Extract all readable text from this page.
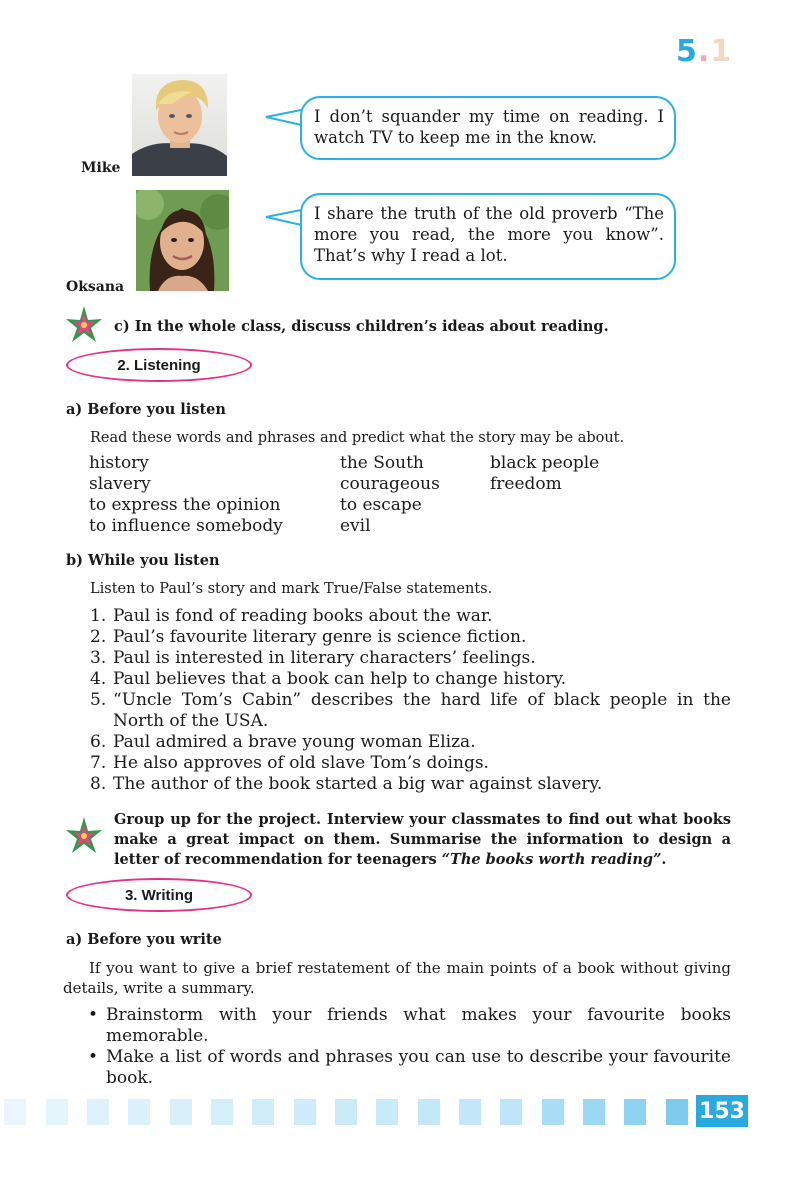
5.1
Mike
I don’t squander my time on reading. I watch TV to keep me in the know.
Oksana
I share the truth of the old proverb “The more you read, the more you know”. That’s why I read a lot.
c) In the whole class, discuss children’s ideas about reading.
2. Listening
a) Before you listen
Read these words and phrases and predict what the story may be about.
history
slavery
to express the opinion
to influence somebody
the South
courageous
to escape
evil
black people
freedom
b) While you listen
Listen to Paul’s story and mark True/False statements.
1. Paul is fond of reading books about the war.
2. Paul’s favourite literary genre is science fiction.
3. Paul is interested in literary characters’ feelings.
4. Paul believes that a book can help to change history.
5. “Uncle Tom’s Cabin” describes the hard life of black people in the North of the USA.
6. Paul admired a brave young woman Eliza.
7. He also approves of old slave Tom’s doings.
8. The author of the book started a big war against slavery.
Group up for the project. Interview your classmates to find out what books make a great impact on them. Summarise the information to design a letter of recommendation for teenagers “The books worth reading”.
3. Writing
a) Before you write
If you want to give a brief restatement of the main points of a book without giving details, write a summary.
• Brainstorm with your friends what makes your favourite books memorable.
• Make a list of words and phrases you can use to describe your favourite book.
153
